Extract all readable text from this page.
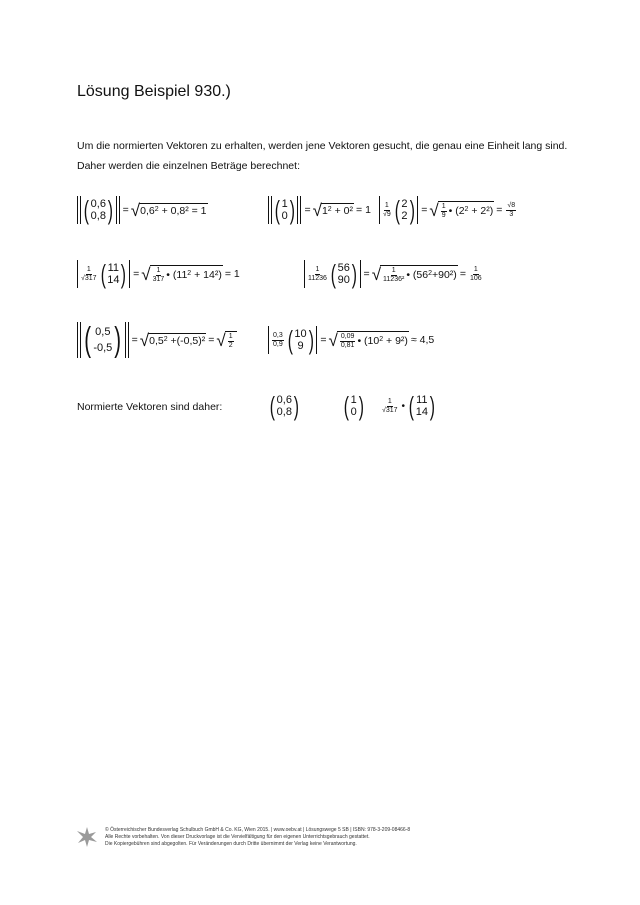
Lösung Beispiel 930.)
Um die normierten Vektoren zu erhalten, werden jene Vektoren gesucht, die genau eine Einheit lang sind. Daher werden die einzelnen Beträge berechnet:
( 0,6
0,8 ) = √ 0,6 2
+ 0,8² = 1	( 1
0 ) = √ 1 2
+ $0^2 = 1 \frac{1}{√9}$ ( 2
2 ) = √ $\frac{1}{9}$ • (2 2
+ $2^2) = \frac{√8}{3}$
$\frac{1}{√317}$ ( 11
14 ) = √ $\frac{1}{317}$ • (11 2
+ 14²) = 1	$\frac{1}{11236}$ ( 56
90 ) = √ $\frac{1}{\text{11236²}}$ • (56 $2 +90^2) = \frac{1}{106}$
( 0,5
-0,5 ) = √ 0,5 2
+(-0,5)² = √ $\frac{1}{2}$	$\frac{0,3}{0,9}$ ( 10
9 ) = √ $\frac{0,09}{0,81}$ • (10 2
+ 9²) ≈ 4,5
Normierte Vektoren sind daher: ( 0,6
0,8 ) ( 1
0 )	$\frac{1}{√317}$ • ( 11
14 )
© Österreichischer Bundesverlag Schulbuch GmbH & Co. KG, Wien 2015. | www.oebv.at | Lösungswege 5 SB | ISBN: 978-3-209-08466-8
Alle Rechte vorbehalten. Von dieser Druckvorlage ist die Vervielfältigung für den eigenen Unterrichtsgebrauch gestattet.
Die Kopiergebühren sind abgegolten. Für Veränderungen durch Dritte übernimmt der Verlag keine Verantwortung.
